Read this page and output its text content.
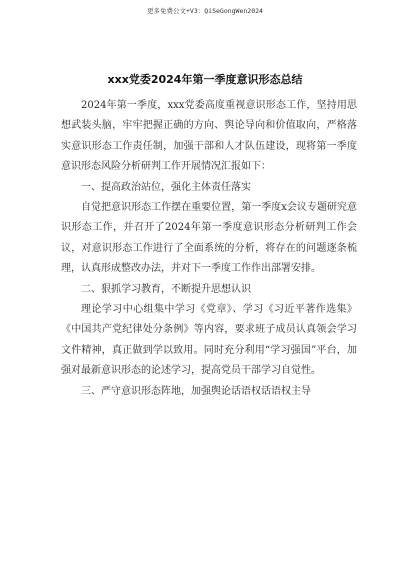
更多免费公文+V3：QiSeGongWen2024
xxx党委2024年第一季度意识形态总结

2024年第一季度，xxx党委高度重视意识形态工作，坚持用思想武装头脑，牢牢把握正确的方向、舆论导向和价值取向，严格落实意识形态工作责任制，加强干部和人才队伍建设，现将第一季度意识形态风险分析研判工作开展情况汇报如下：

一、提高政治站位，强化主体责任落实

自觉把意识形态工作摆在重要位置，第一季度x会议专题研究意识形态工作，并召开了2024年第一季度意识形态分析研判工作会议，对意识形态工作进行了全面系统的分析，将存在的问题逐条梳理，认真形成整改办法，并对下一季度工作作出部署安排。

二、狠抓学习教育，不断提升思想认识

理论学习中心组集中学习《党章》、学习《习近平著作选集》《中国共产党纪律处分条例》等内容，要求班子成员认真领会学习文件精神，真正做到学以致用。同时充分利用“学习强国”平台，加强对最新意识形态的论述学习，提高党员干部学习自觉性。

三、严守意识形态阵地，加强舆论话语权话语权主导
